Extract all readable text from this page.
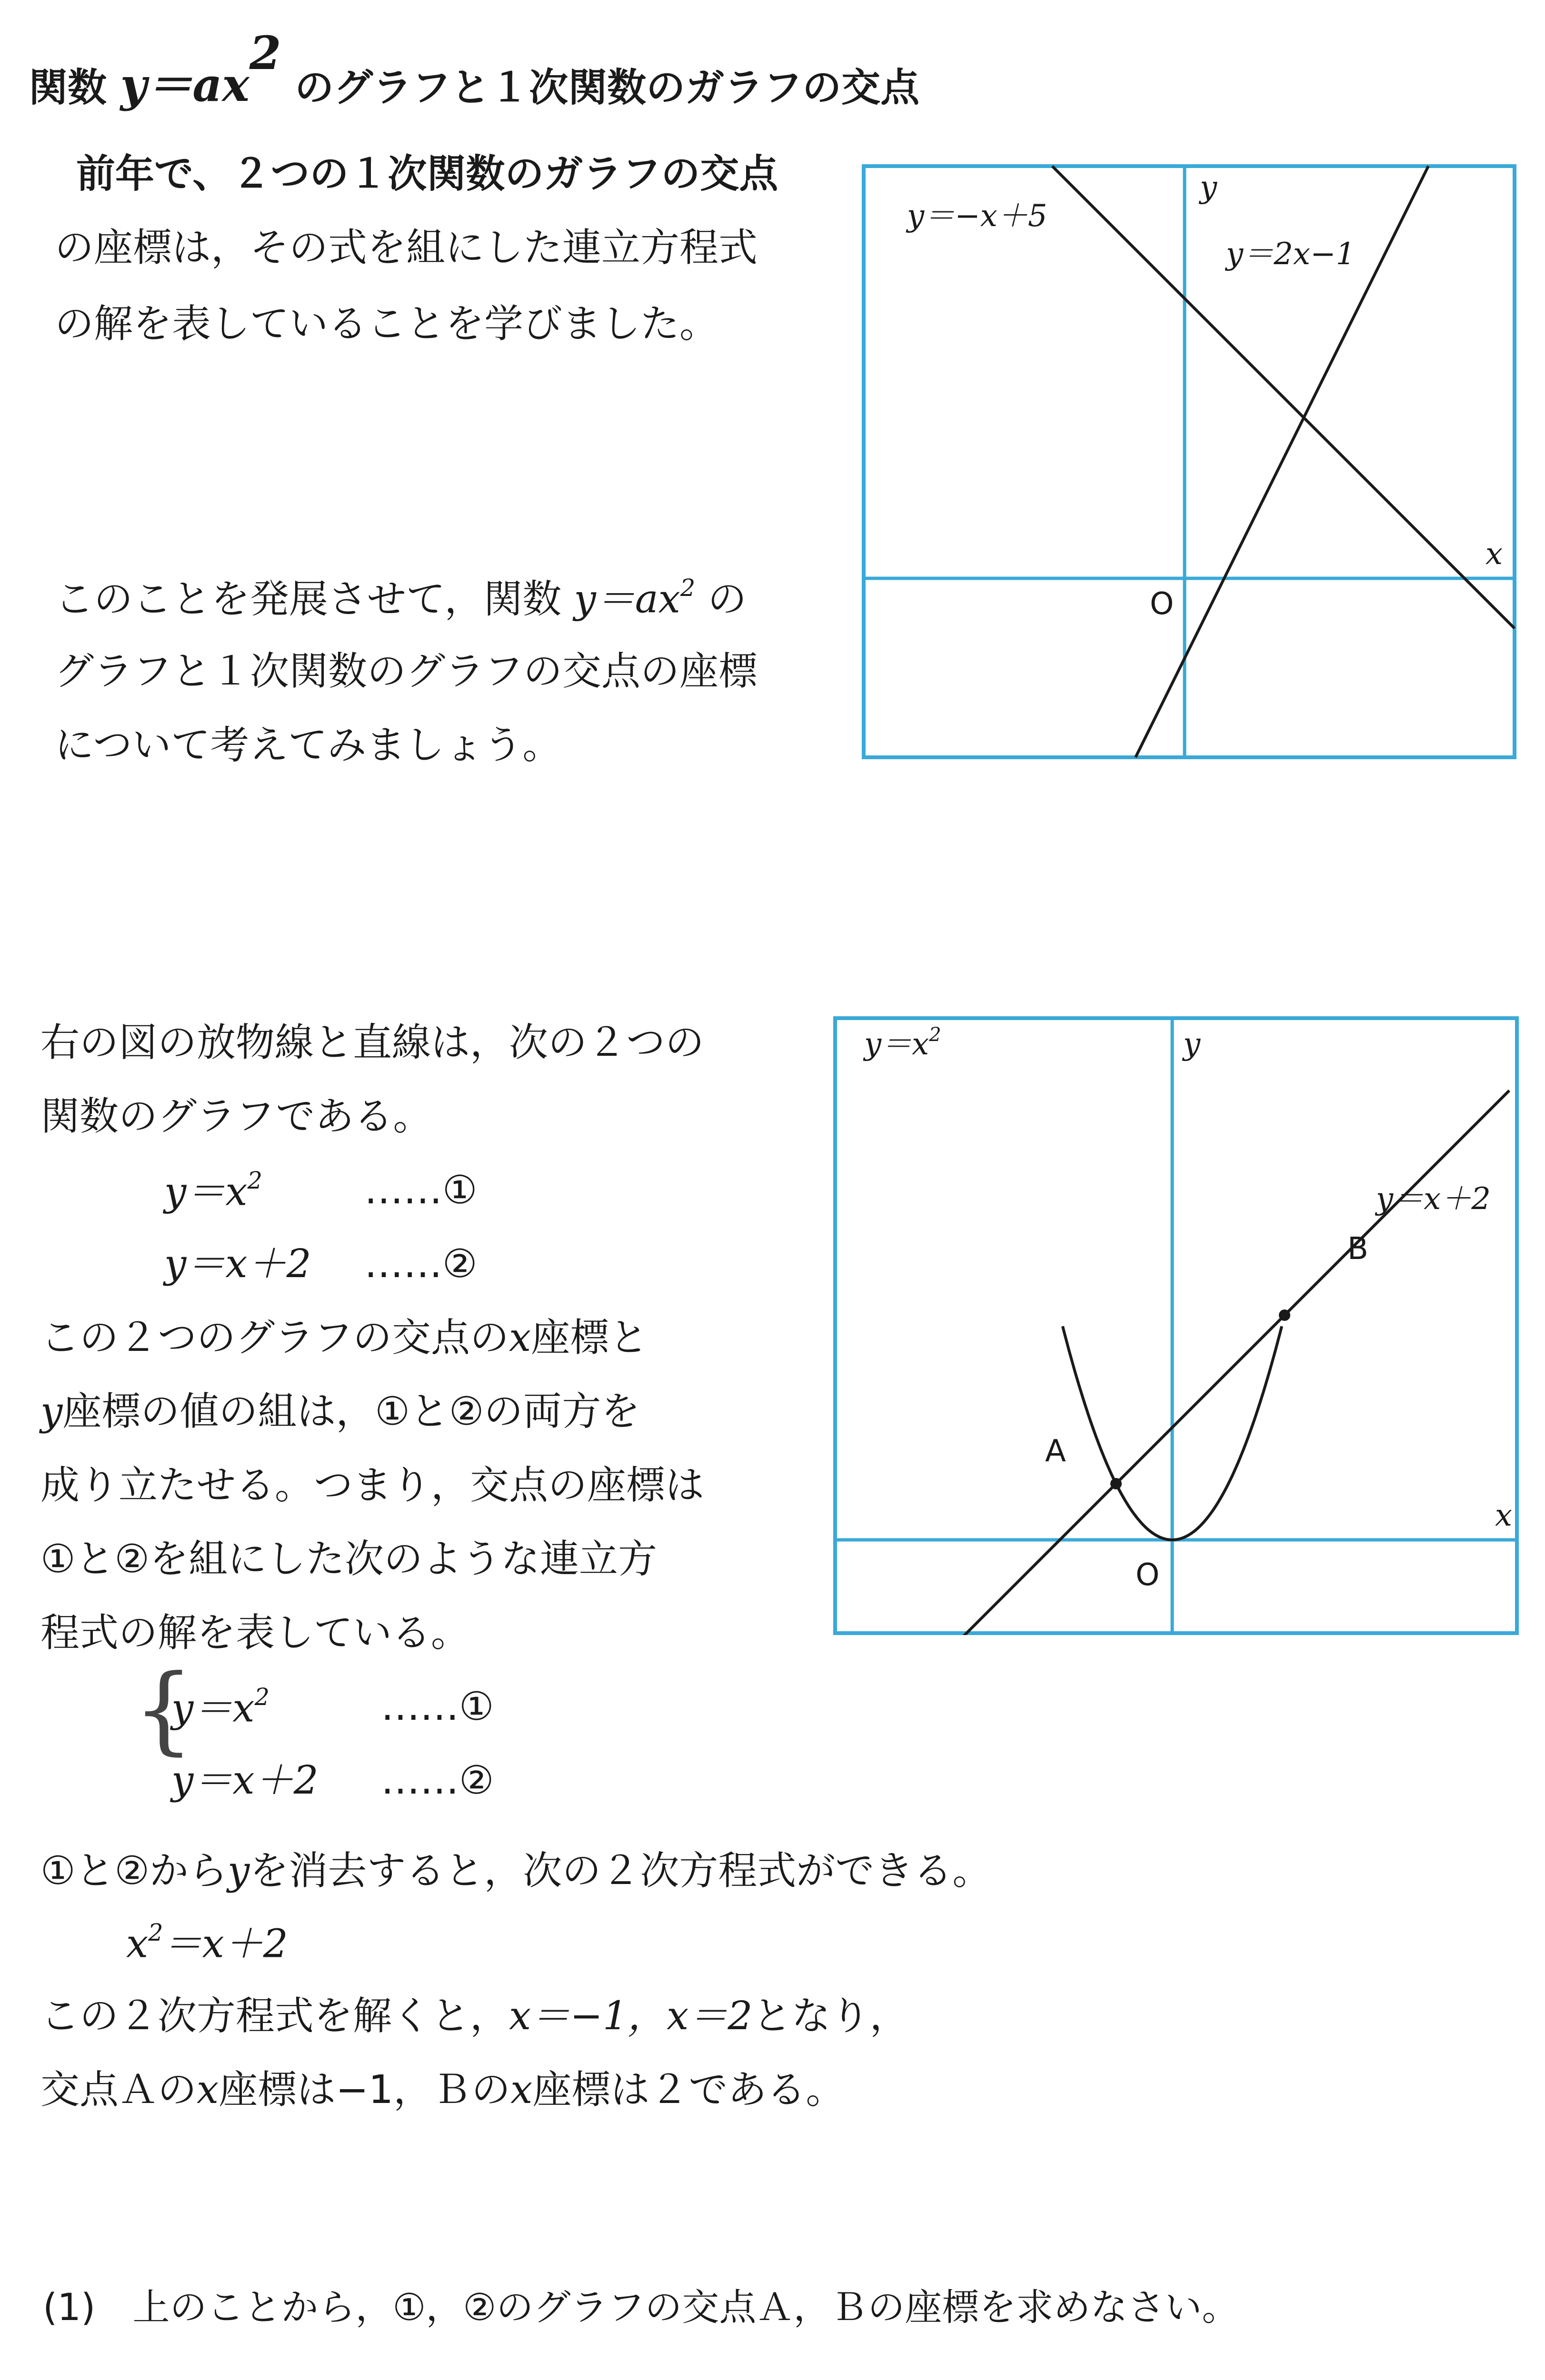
関数 $y=ax^2$ のグラフと１次関数のガラフの交点
前年で、２つの１次関数のガラフの交点
の座標は，その式を組にした連立方程式
の解を表していることを学びました。
このことを発展させて，関数 $y=ax^2$ の
グラフと１次関数のグラフの交点の座標
について考えてみましょう。
y＝−x＋5
y＝2x−1
y
x
O
右の図の放物線と直線は，次の２つの
関数のグラフである。
$y=x^2$	……①
y＝x＋2 ……②
この２つのグラフの交点のx座標と
y座標の値の組は，①と②の両方を
成り立たせる。つまり，交点の座標は
①と②を組にした次のような連立方
程式の解を表している。
{
$y=x^2$	……①
y＝x＋2 ……②
①と②からyを消去すると，次の２次方程式ができる。
$x^2=x+2$
この２次方程式を解くと，x＝−1，x＝2となり，
交点Ａのx座標は−1，Ｂのx座標は２である。
$y=x^2$
y＝x＋2
y
x
O
A
B
(1)　上のことから，①，②のグラフの交点Ａ，Ｂの座標を求めなさい。
